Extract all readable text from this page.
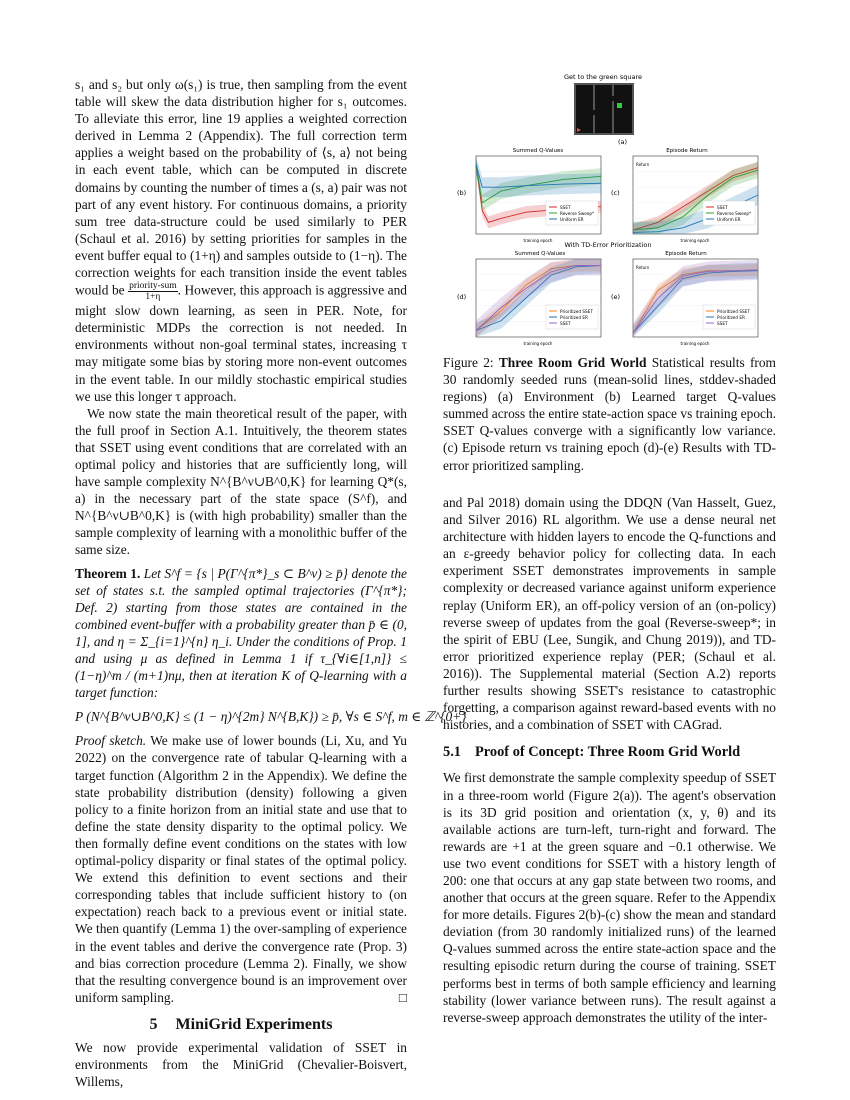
s₁ and s₂ but only ω(s₁) is true, then sampling from the event table will skew the data distribution higher for s₁ outcomes. To alleviate this error, line 19 applies a weighted correction derived in Lemma 2 (Appendix). The full correction term applies a weight based on the probability of ⟨s, a⟩ not being in each event table, which can be computed in discrete domains by counting the number of times a (s, a) pair was not part of any event history. For continuous domains, a priority sum tree data-structure could be used similarly to PER (Schaul et al. 2016) by setting priorities for samples in the event buffer equal to (1+η) and samples outside to (1−η). The correction weights for each transition inside the event tables would be $\frac{\text{priority-sum}}{1+\eta}$ . However, this approach is aggressive and might slow down learning, as seen in PER. Note, for deterministic MDPs the correction is not needed. In environments without non-goal terminal states, increasing τ may mitigate some bias by storing more non-event outcomes in the event table. In our mildly stochastic empirical studies we use this longer τ approach.

We now state the main theoretical result of the paper, with the full proof in Section A.1. Intuitively, the theorem states that SSET using event conditions that are correlated with an optimal policy and histories that are sufficiently long, will have sample complexity N^{B^ν∪B^0,K} for learning Q*(s, a) in the necessary part of the state space (S^f), and N^{B^ν∪B^0,K} is (with high probability) smaller than the sample complexity of learning with a monolithic buffer of the same size.

Theorem 1. Let S^f = {s | P(Γ^{π*}_s ⊂ B^ν) ≥ p̄} denote the set of states s.t. the sampled optimal trajectories (Γ^{π*}; Def. 2) starting from those states are contained in the combined event-buffer with a probability greater than p̄ ∈ (0, 1], and η = Σ_{i=1}^{n} η_i. Under the conditions of Prop. 1 and using μ as defined in Lemma 1 if τ_{∀i∈[1,n]} ≤ (1−η)^m / (m+1)nμ, then at iteration K of Q-learning with a target function:

P (N^{B^ν∪B^0,K} ≤ (1 − η)^{2m} N^{B,K}) ≥ p̄, ∀s ∈ S^f, m ∈ ℤ^{0+}

Proof sketch. We make use of lower bounds (Li, Xu, and Yu 2022) on the convergence rate of tabular Q-learning with a target function (Algorithm 2 in the Appendix). We define the state probability distribution (density) following a given policy to a finite horizon from an initial state and use that to define the state density disparity to the optimal policy. We then formally define event conditions on the states with low optimal-policy disparity or final states of the optimal policy. We extend this definition to event sections and their corresponding tables that include sufficient history to (on expectation) reach back to a previous event or initial state. We then quantify (Lemma 1) the over-sampling of experience in the event tables and derive the convergence rate (Prop. 3) and bias correction procedure (Lemma 2). Finally, we show that the resulting convergence bound is an improvement over uniform sampling.	□

5 MiniGrid Experiments

We now provide experimental validation of SSET in environments from the MiniGrid (Chevalier-Boisvert, Willems,

Get to the green square
(a)
Summed Q-Values	Episode Return
With TD-Error Prioritization
Summed Q-Values	Episode Return
(b)	(c)
(d)	(e)
Return
Return
training epoch	training epoch
training epoch	training epoch
SSET
Reverse Sweep*
Uniform ER
SSET
Reverse Sweep*
Uniform ER
Prioritized SSET
Prioritized ER
SSET
Prioritized SSET
Prioritized ER
SSET
Figure 2: Three Room Grid World Statistical results from 30 randomly seeded runs (mean-solid lines, stddev-shaded regions) (a) Environment (b) Learned target Q-values summed across the entire state-action space vs training epoch. SSET Q-values converge with a significantly low variance. (c) Episode return vs training epoch (d)-(e) Results with TD-error prioritized sampling.

and Pal 2018) domain using the DDQN (Van Hasselt, Guez, and Silver 2016) RL algorithm. We use a dense neural net architecture with hidden layers to encode the Q-functions and an ε-greedy behavior policy for collecting data. In each experiment SSET demonstrates improvements in sample complexity or decreased variance against uniform experience replay (Uniform ER), an off-policy version of an (on-policy) reverse sweep of updates from the goal (Reverse-sweep*; in the spirit of EBU (Lee, Sungik, and Chung 2019)), and TD-error prioritized experience replay (PER; (Schaul et al. 2016)). The Supplemental material (Section A.2) reports further results showing SSET's resistance to catastrophic forgetting, a comparison against reward-based events with no histories, and a combination of SSET with CAGrad.

5.1 Proof of Concept: Three Room Grid World

We first demonstrate the sample complexity speedup of SSET in a three-room world (Figure 2(a)). The agent's observation is its 3D grid position and orientation (x, y, θ) and its available actions are turn-left, turn-right and forward. The rewards are +1 at the green square and −0.1 otherwise. We use two event conditions for SSET with a history length of 200: one that occurs at any gap state between two rooms, and another that occurs at the green square. Refer to the Appendix for more details. Figures 2(b)-(c) show the mean and standard deviation (from 30 randomly initialized runs) of the learned Q-values summed across the entire state-action space and the resulting episodic return during the course of training. SSET performs best in terms of both sample efficiency and learning stability (lower variance between runs). The result against a reverse-sweep approach demonstrates the utility of the inter-
